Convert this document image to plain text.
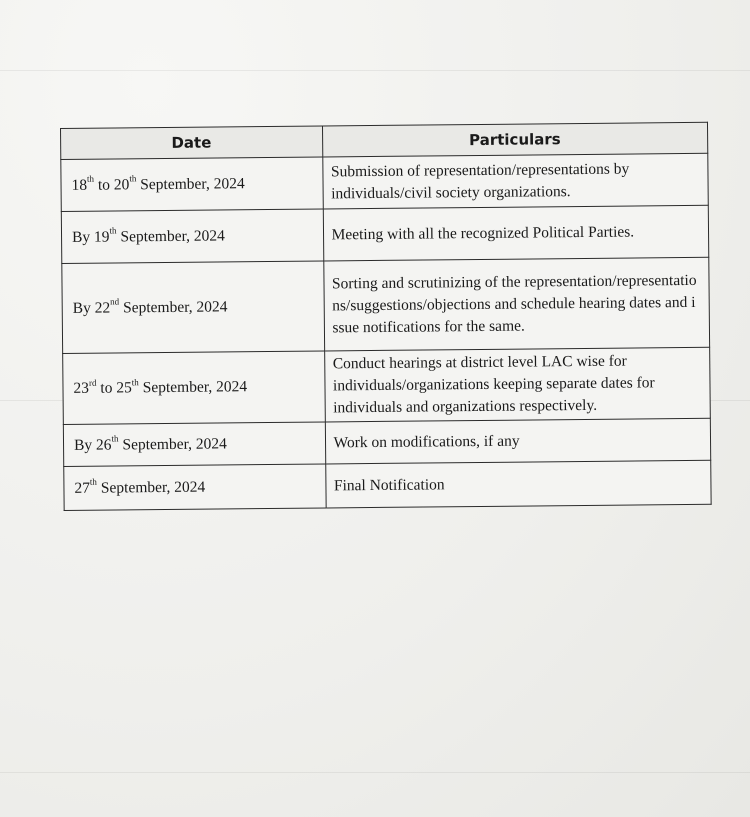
Date	Particulars
18th to 20th September, 2024	Submission of representation/representations by individuals/civil society organizations.
By 19th September, 2024	Meeting with all the recognized Political Parties.
By 22nd September, 2024	Sorting and scrutinizing of the representation/representations/suggestions/objections and schedule hearing dates and issue notifications for the same.
23rd to 25th September, 2024	Conduct hearings at district level LAC wise for individuals/organizations keeping separate dates for individuals and organizations respectively.
By 26th September, 2024	Work on modifications, if any
27th September, 2024	Final Notification
